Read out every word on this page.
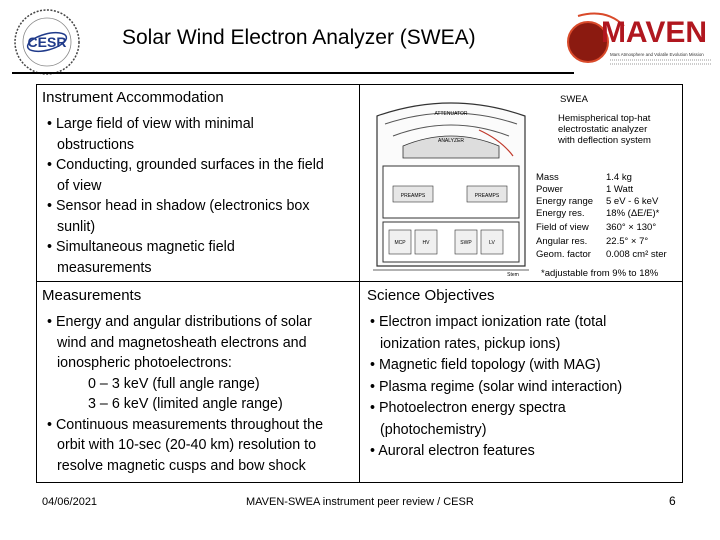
CESR	Solar Wind Electron Analyzer (SWEA)	MAVEN
Mars Atmosphere and Volatile Evolution Mission
Instrument Accommodation
• Large field of view with minimal
obstructions
• Conducting, grounded surfaces in the field
of view
• Sensor head in shadow (electronics box
sunlit)
• Simultaneous magnetic field
measurements
ATTENUATOR
ANALYZER
PREAMPS	PREAMPS
MCP	HV	SWP	LV
Stem
SWEA
Hemispherical top-hat
electrostatic analyzer
with deflection system
Mass	1.4 kg
Power	1 Watt
Energy range 5 eV - 6 keV
Energy res. 18% (ΔE/E)*
Field of view 360° × 130°
Angular res. 22.5° × 7°
Geom. factor 0.008 cm² ster
*adjustable from 9% to 18%
Measurements
• Energy and angular distributions of solar
wind and magnetosheath electrons and
ionospheric photoelectrons:
0 – 3 keV (full angle range)
3 – 6 keV (limited angle range)
• Continuous measurements throughout the
orbit with 10-sec (20-40 km) resolution to
resolve magnetic cusps and bow shock
Science Objectives
• Electron impact ionization rate (total
ionization rates, pickup ions)
• Magnetic field topology (with MAG)
• Plasma regime (solar wind interaction)
• Photoelectron energy spectra
(photochemistry)
• Auroral electron features
04/06/2021	MAVEN-SWEA instrument peer review / CESR	6
